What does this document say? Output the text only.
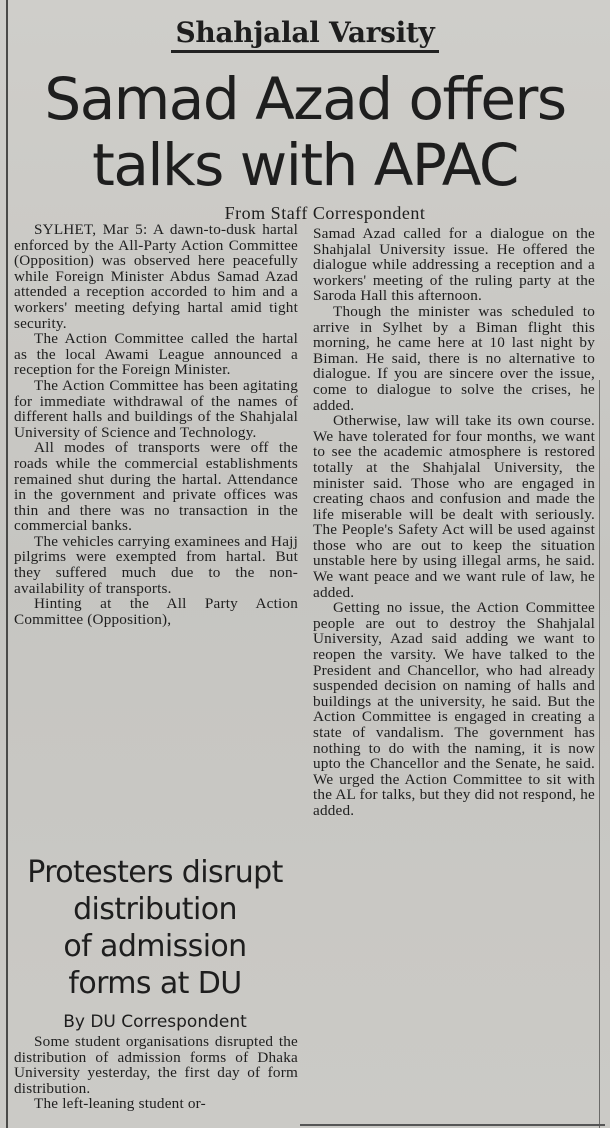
Shahjalal Varsity
Samad Azad offers talks with APAC
From Staff Correspondent

SYLHET, Mar 5: A dawn-to-dusk hartal enforced by the All-Party Action Committee (Opposition) was observed here peacefully while Foreign Minister Abdus Samad Azad attended a reception accorded to him and a workers' meeting defying hartal amid tight security.

The Action Committee called the hartal as the local Awami League announced a reception for the Foreign Minister.

The Action Committee has been agitating for immediate withdrawal of the names of different halls and buildings of the Shahjalal University of Science and Technology.

All modes of transports were off the roads while the commercial establishments remained shut during the hartal. Attendance in the government and private offices was thin and there was no transaction in the commercial banks.

The vehicles carrying examinees and Hajj pilgrims were exempted from hartal. But they suffered much due to the non-availability of transports.

Hinting at the All Party Action Committee (Opposition),

Samad Azad called for a dialogue on the Shahjalal University issue. He offered the dialogue while addressing a reception and a workers' meeting of the ruling party at the Saroda Hall this afternoon.

Though the minister was scheduled to arrive in Sylhet by a Biman flight this morning, he came here at 10 last night by Biman. He said, there is no alternative to dialogue. If you are sincere over the issue, come to dialogue to solve the crises, he added.

Otherwise, law will take its own course. We have tolerated for four months, we want to see the academic atmosphere is restored totally at the Shahjalal University, the minister said. Those who are engaged in creating chaos and confusion and made the life miserable will be dealt with seriously. The People's Safety Act will be used against those who are out to keep the situation unstable here by using illegal arms, he said. We want peace and we want rule of law, he added.

Getting no issue, the Action Committee people are out to destroy the Shahjalal University, Azad said adding we want to reopen the varsity. We have talked to the President and Chancellor, who had already suspended decision on naming of halls and buildings at the university, he said. But the Action Committee is engaged in creating a state of vandalism. The government has nothing to do with the naming, it is now upto the Chancellor and the Senate, he said. We urged the Action Committee to sit with the AL for talks, but they did not respond, he added.

Protesters disrupt
distribution
of admission
forms at DU
By DU Correspondent

Some student organisations disrupted the distribution of admission forms of Dhaka University yesterday, the first day of form distribution.

The left-leaning student or-
